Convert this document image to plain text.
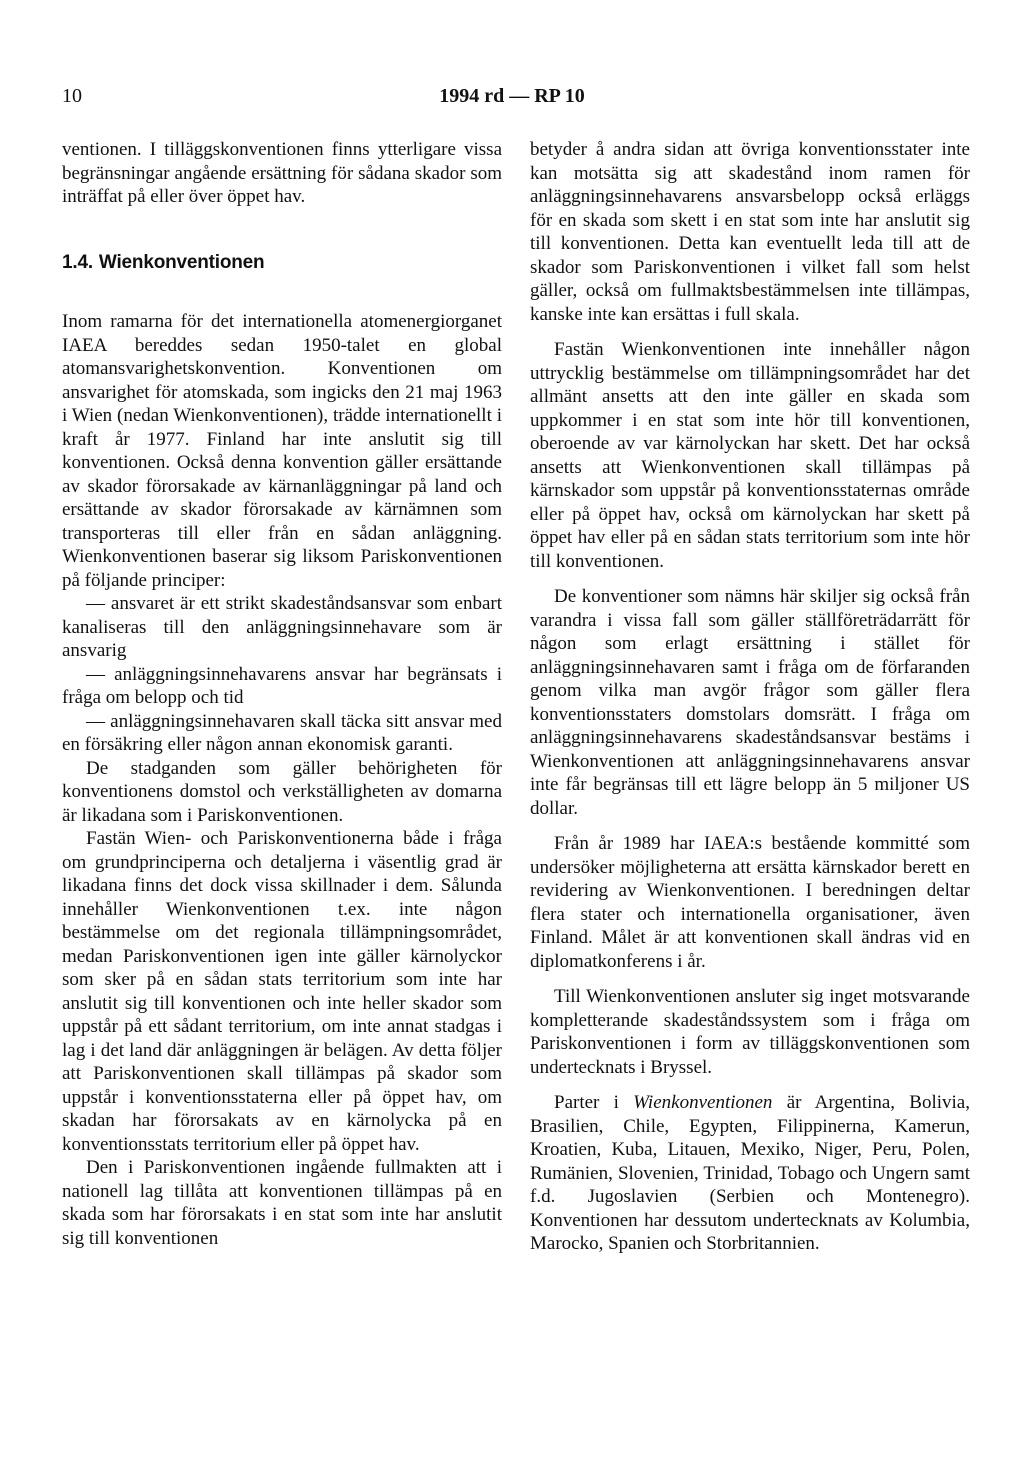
10	1994 rd — RP 10

ventionen. I tilläggskonventionen finns ytterligare vissa begränsningar angående ersättning för sådana skador som inträffat på eller över öppet hav.

1.4. Wienkonventionen

Inom ramarna för det internationella atomenergiorganet IAEA bereddes sedan 1950-talet en global atomansvarighetskonvention. Konventionen om ansvarighet för atomskada, som ingicks den 21 maj 1963 i Wien (nedan Wienkonventionen), trädde internationellt i kraft år 1977. Finland har inte anslutit sig till konventionen. Också denna konvention gäller ersättande av skador förorsakade av kärnanläggningar på land och ersättande av skador förorsakade av kärnämnen som transporteras till eller från en sådan anläggning. Wienkonventionen baserar sig liksom Pariskonventionen på följande principer:

— ansvaret är ett strikt skadeståndsansvar som enbart kanaliseras till den anläggningsinnehavare som är ansvarig

— anläggningsinnehavarens ansvar har begränsats i fråga om belopp och tid

— anläggningsinnehavaren skall täcka sitt ansvar med en försäkring eller någon annan ekonomisk garanti.

De stadganden som gäller behörigheten för konventionens domstol och verkställigheten av domarna är likadana som i Pariskonventionen.

Fastän Wien- och Pariskonventionerna både i fråga om grundprinciperna och detaljerna i väsentlig grad är likadana finns det dock vissa skillnader i dem. Sålunda innehåller Wienkonventionen t.ex. inte någon bestämmelse om det regionala tillämpningsområdet, medan Pariskonventionen igen inte gäller kärnolyckor som sker på en sådan stats territorium som inte har anslutit sig till konventionen och inte heller skador som uppstår på ett sådant territorium, om inte annat stadgas i lag i det land där anläggningen är belägen. Av detta följer att Pariskonventionen skall tillämpas på skador som uppstår i konventionsstaterna eller på öppet hav, om skadan har förorsakats av en kärnolycka på en konventionsstats territorium eller på öppet hav.

Den i Pariskonventionen ingående fullmakten att i nationell lag tillåta att konventionen tillämpas på en skada som har förorsakats i en stat som inte har anslutit sig till konventionen

betyder å andra sidan att övriga konventionsstater inte kan motsätta sig att skadestånd inom ramen för anläggningsinnehavarens ansvarsbelopp också erläggs för en skada som skett i en stat som inte har anslutit sig till konventionen. Detta kan eventuellt leda till att de skador som Pariskonventionen i vilket fall som helst gäller, också om fullmaktsbestämmelsen inte tillämpas, kanske inte kan ersättas i full skala.

Fastän Wienkonventionen inte innehåller någon uttrycklig bestämmelse om tillämpningsområdet har det allmänt ansetts att den inte gäller en skada som uppkommer i en stat som inte hör till konventionen, oberoende av var kärnolyckan har skett. Det har också ansetts att Wienkonventionen skall tillämpas på kärnskador som uppstår på konventionsstaternas område eller på öppet hav, också om kärnolyckan har skett på öppet hav eller på en sådan stats territorium som inte hör till konventionen.

De konventioner som nämns här skiljer sig också från varandra i vissa fall som gäller ställföreträdarrätt för någon som erlagt ersättning i stället för anläggningsinnehavaren samt i fråga om de förfaranden genom vilka man avgör frågor som gäller flera konventionsstaters domstolars domsrätt. I fråga om anläggningsinnehavarens skadeståndsansvar bestäms i Wienkonventionen att anläggningsinnehavarens ansvar inte får begränsas till ett lägre belopp än 5 miljoner US dollar.

Från år 1989 har IAEA:s bestående kommitté som undersöker möjligheterna att ersätta kärnskador berett en revidering av Wienkonventionen. I beredningen deltar flera stater och internationella organisationer, även Finland. Målet är att konventionen skall ändras vid en diplomatkonferens i år.

Till Wienkonventionen ansluter sig inget motsvarande kompletterande skadeståndssystem som i fråga om Pariskonventionen i form av tilläggskonventionen som undertecknats i Bryssel.

Parter i Wienkonventionen är Argentina, Bolivia, Brasilien, Chile, Egypten, Filippinerna, Kamerun, Kroatien, Kuba, Litauen, Mexiko, Niger, Peru, Polen, Rumänien, Slovenien, Trinidad, Tobago och Ungern samt f.d. Jugoslavien (Serbien och Montenegro). Konventionen har dessutom undertecknats av Kolumbia, Marocko, Spanien och Storbritannien.
